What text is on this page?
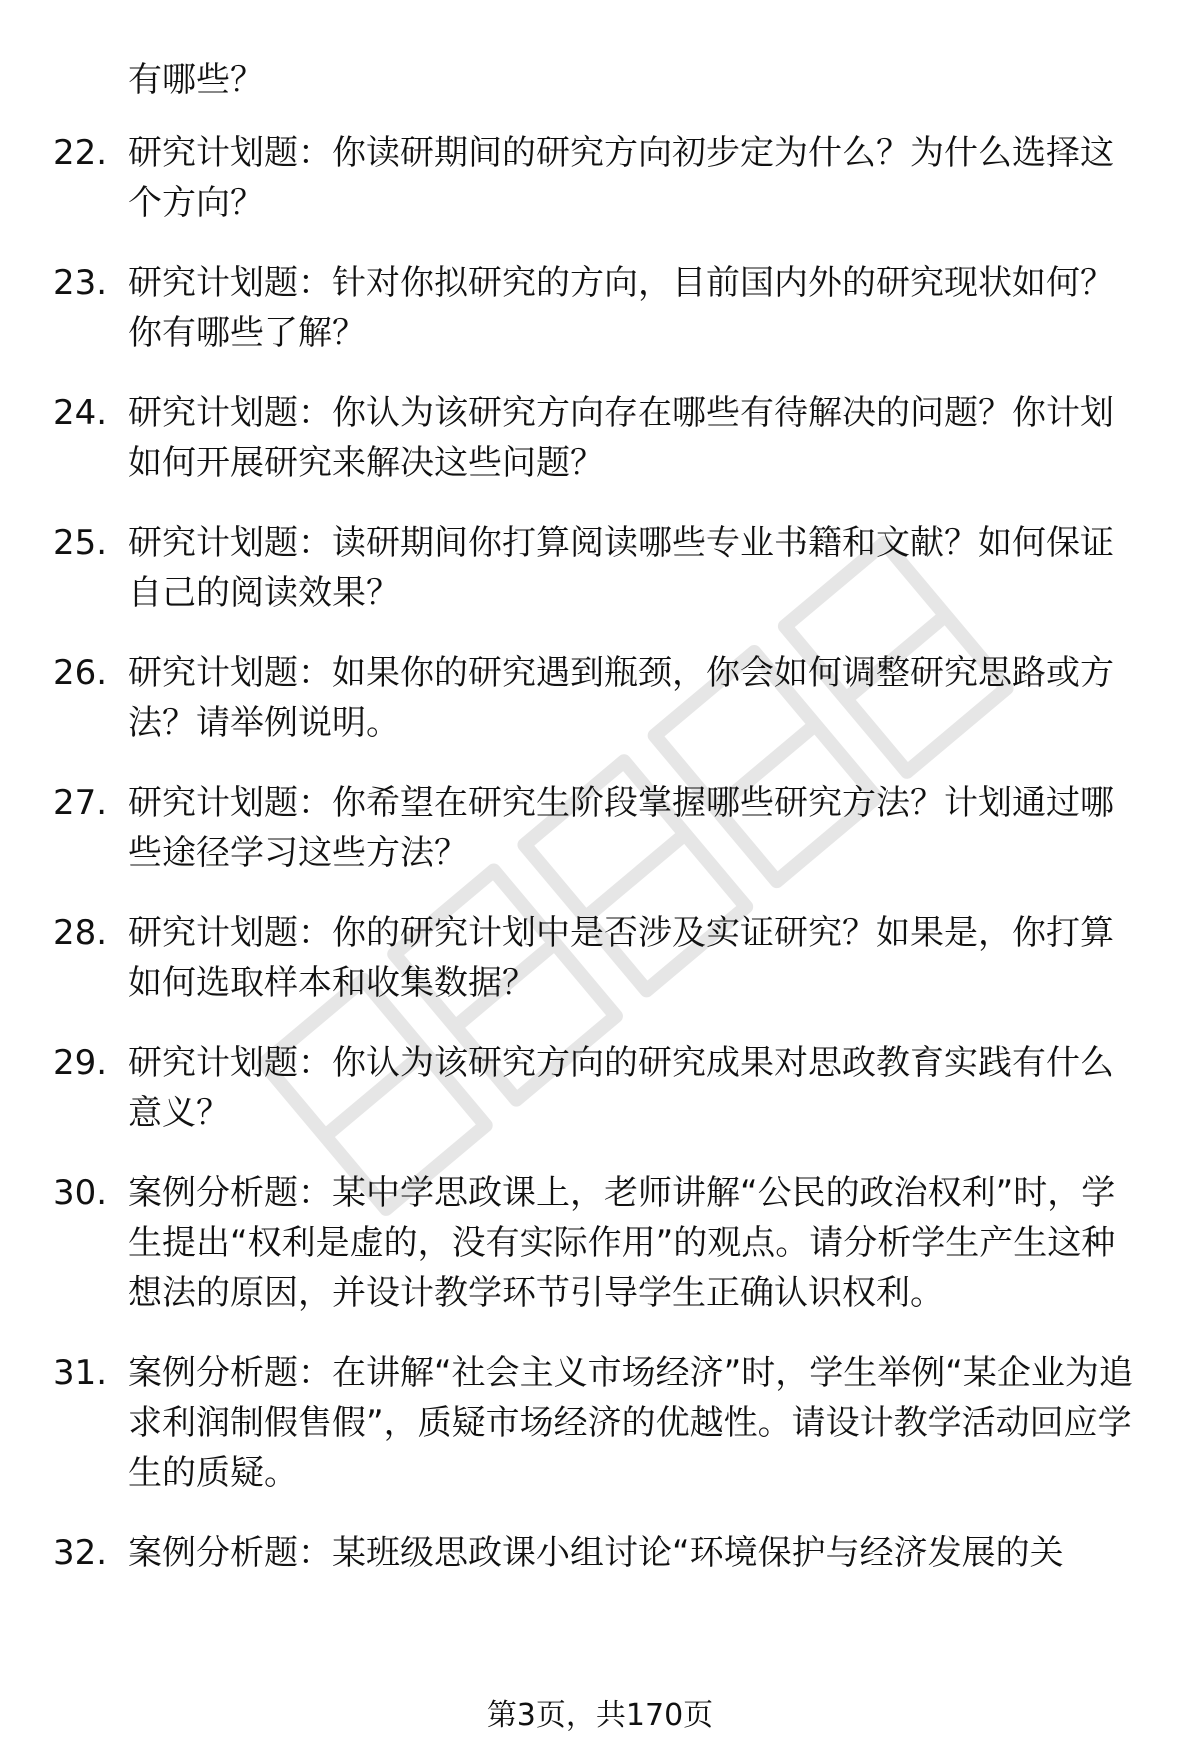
有哪些？
22. 研究计划题：你读研期间的研究方向初步定为什么？为什么选择这个方向？
23. 研究计划题：针对你拟研究的方向，目前国内外的研究现状如何？你有哪些了解？
24. 研究计划题：你认为该研究方向存在哪些有待解决的问题？你计划如何开展研究来解决这些问题？
25. 研究计划题：读研期间你打算阅读哪些专业书籍和文献？如何保证自己的阅读效果？
26. 研究计划题：如果你的研究遇到瓶颈，你会如何调整研究思路或方法？请举例说明。
27. 研究计划题：你希望在研究生阶段掌握哪些研究方法？计划通过哪些途径学习这些方法？
28. 研究计划题：你的研究计划中是否涉及实证研究？如果是，你打算如何选取样本和收集数据？
29. 研究计划题：你认为该研究方向的研究成果对思政教育实践有什么意义？
30. 案例分析题：某中学思政课上，老师讲解“公民的政治权利”时，学生提出“权利是虚的，没有实际作用”的观点。请分析学生产生这种想法的原因，并设计教学环节引导学生正确认识权利。
31. 案例分析题：在讲解“社会主义市场经济”时，学生举例“某企业为追求利润制假售假”，质疑市场经济的优越性。请设计教学活动回应学生的质疑。
32. 案例分析题：某班级思政课小组讨论“环境保护与经济发展的关
第3页，共170页
